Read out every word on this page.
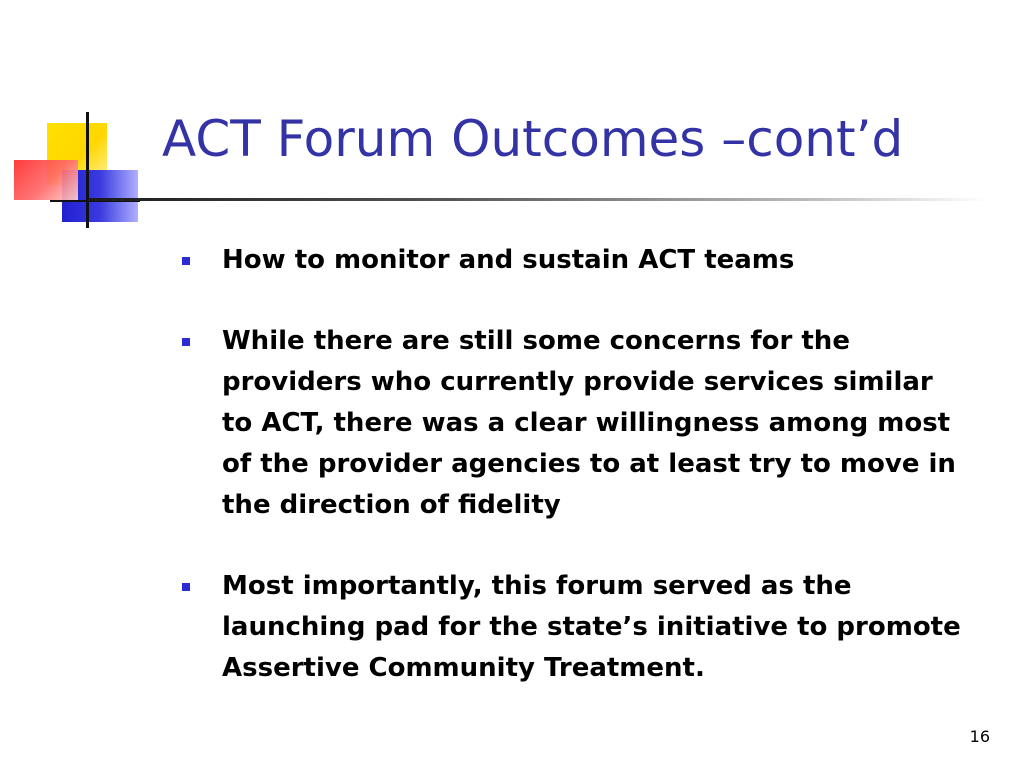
ACT Forum Outcomes –cont’d
How to monitor and sustain ACT teams
While there are still some concerns for the providers who currently provide services similar to ACT, there was a clear willingness among most of the provider agencies to at least try to move in the direction of fidelity
Most importantly, this forum served as the launching pad for the state’s initiative to promote Assertive Community Treatment.
16
